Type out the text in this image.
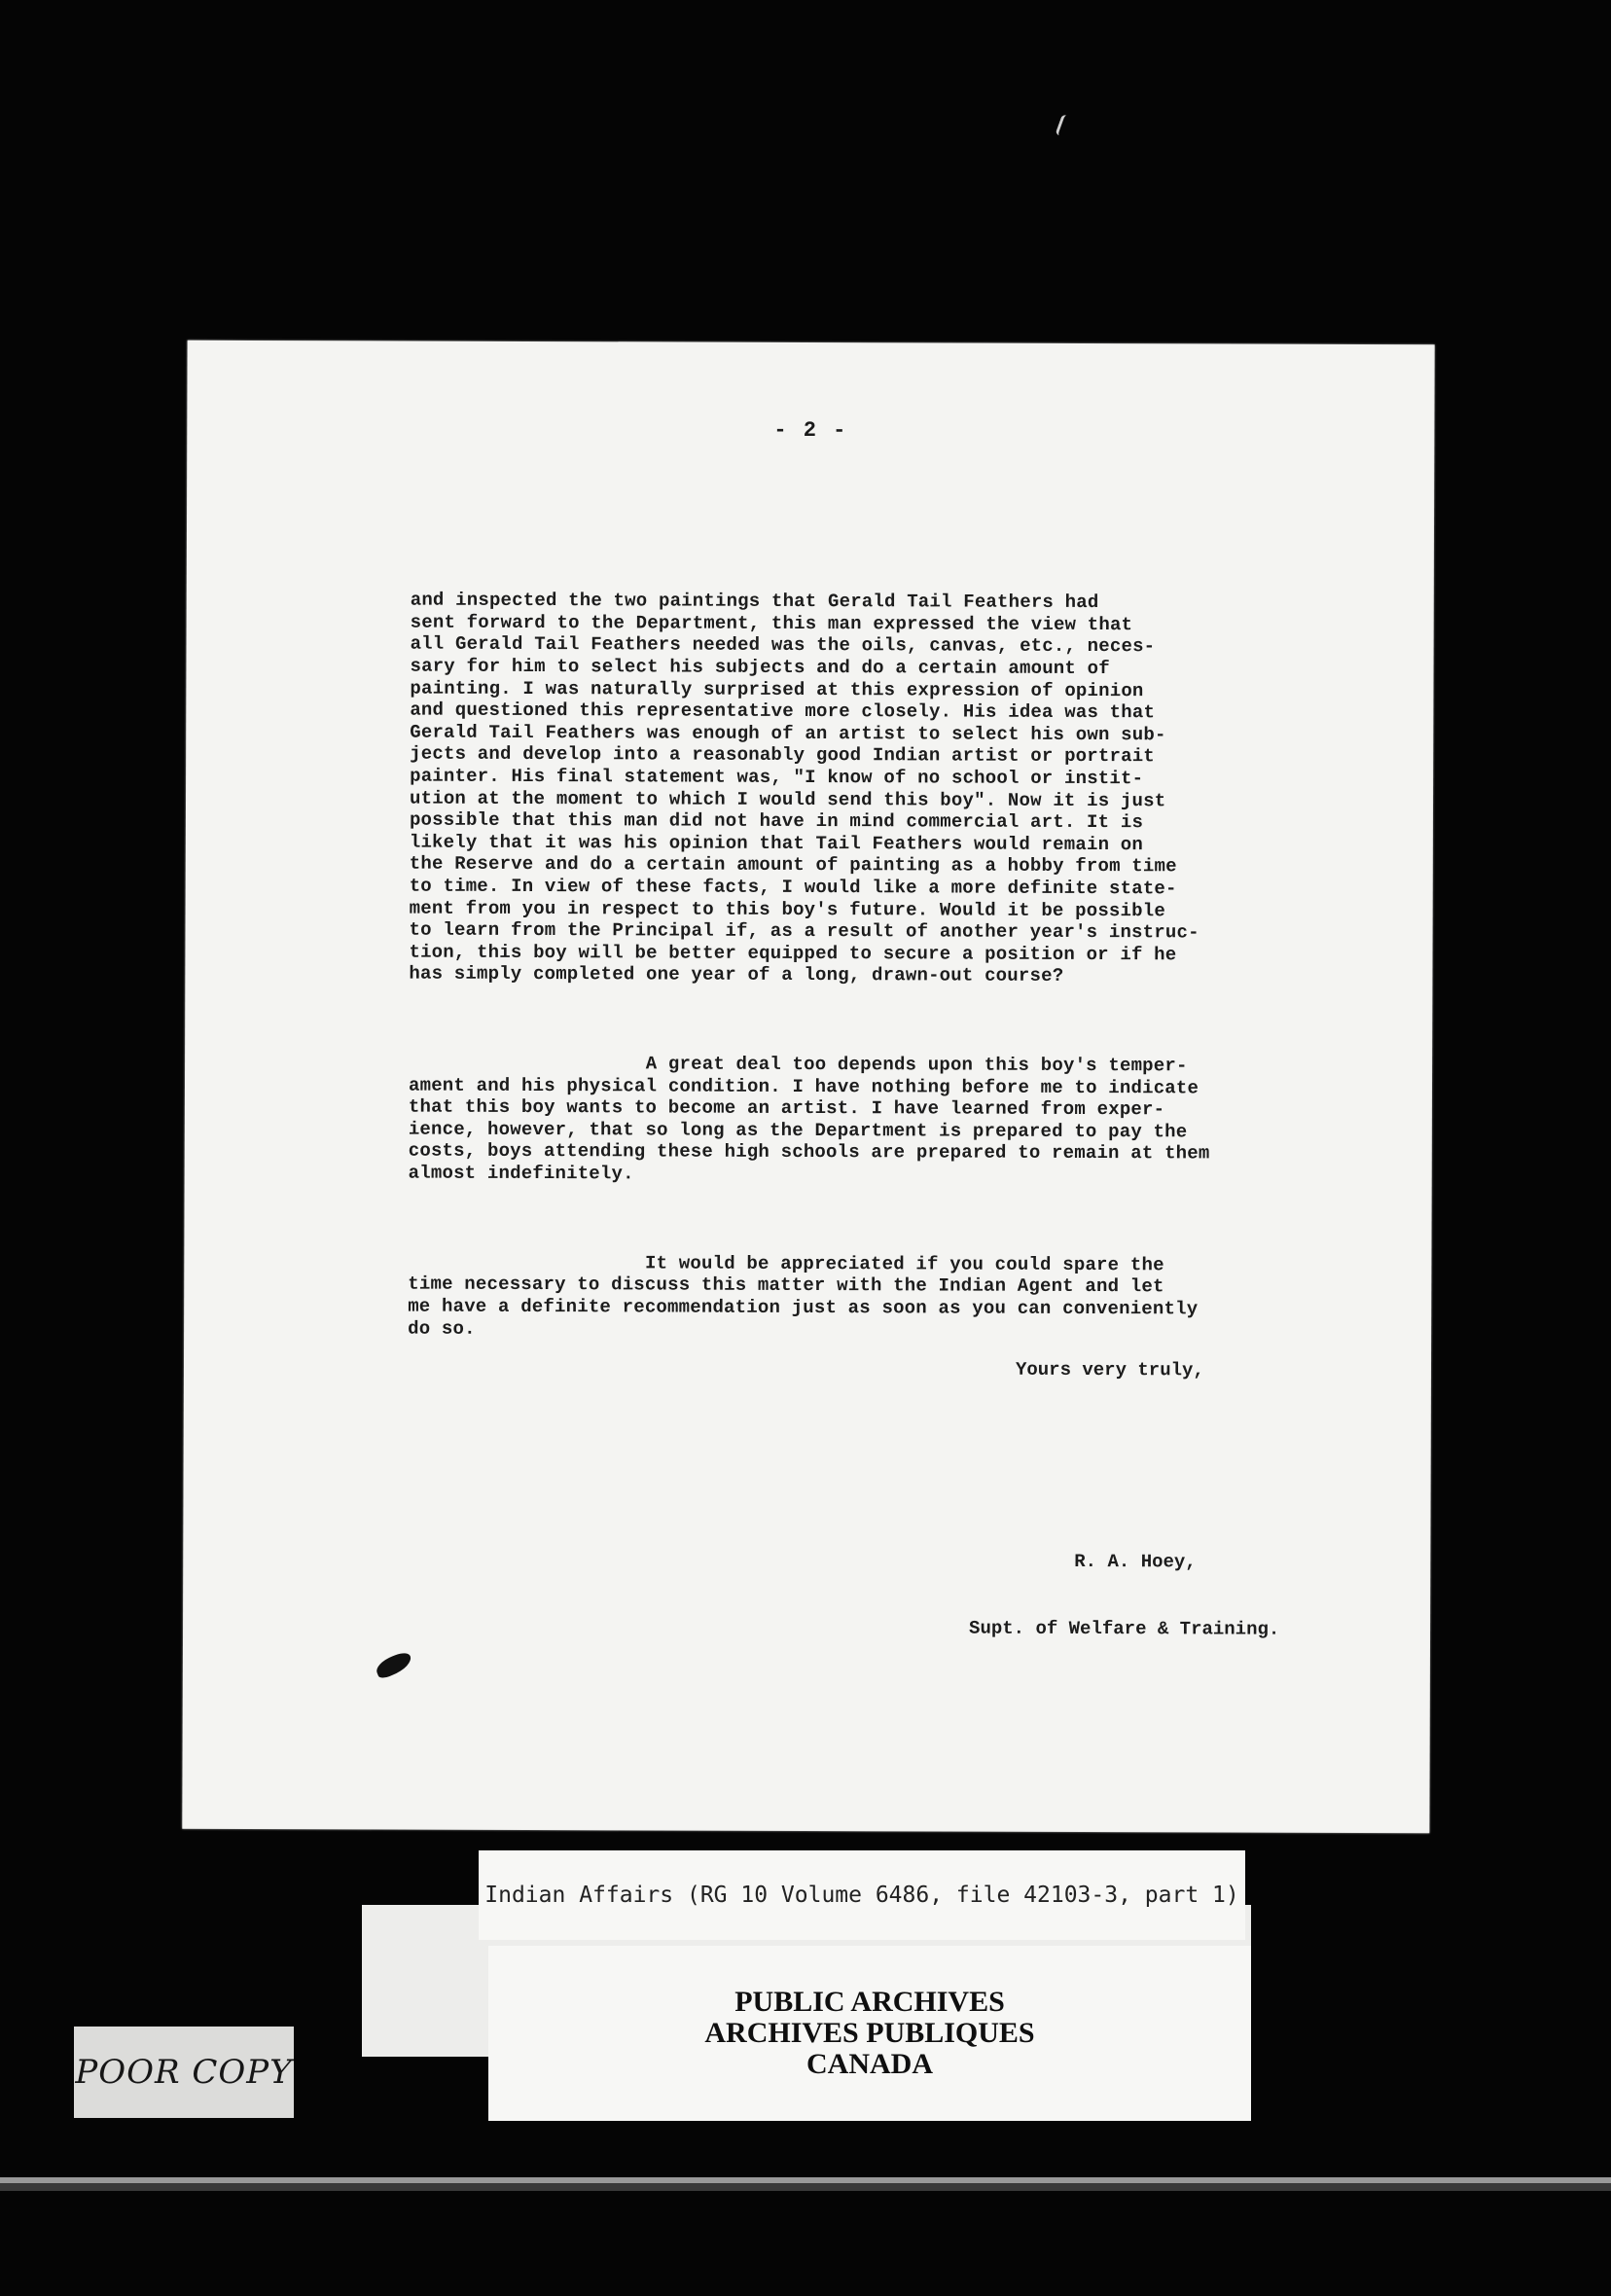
- 2 -

and inspected the two paintings that Gerald Tail Feathers had
sent forward to the Department, this man expressed the view that
all Gerald Tail Feathers needed was the oils, canvas, etc., neces-
sary for him to select his subjects and do a certain amount of
painting. I was naturally surprised at this expression of opinion
and questioned this representative more closely. His idea was that
Gerald Tail Feathers was enough of an artist to select his own sub-
jects and develop into a reasonably good Indian artist or portrait
painter. His final statement was, "I know of no school or instit-
ution at the moment to which I would send this boy". Now it is just
possible that this man did not have in mind commercial art. It is
likely that it was his opinion that Tail Feathers would remain on
the Reserve and do a certain amount of painting as a hobby from time
to time. In view of these facts, I would like a more definite state-
ment from you in respect to this boy's future. Would it be possible
to learn from the Principal if, as a result of another year's instruc-
tion, this boy will be better equipped to secure a position or if he
has simply completed one year of a long, drawn-out course?

A great deal too depends upon this boy's temper-
ament and his physical condition. I have nothing before me to indicate
that this boy wants to become an artist. I have learned from exper-
ience, however, that so long as the Department is prepared to pay the
costs, boys attending these high schools are prepared to remain at them
almost indefinitely.

It would be appreciated if you could spare the
time necessary to discuss this matter with the Indian Agent and let
me have a definite recommendation just as soon as you can conveniently
do so.

Yours very truly,

R. A. Hoey,

Supt. of Welfare & Training.

Indian Affairs (RG 10 Volume 6486, file 42103-3, part 1)
PUBLIC ARCHIVES
ARCHIVES PUBLIQUES
CANADA
POOR COPY
